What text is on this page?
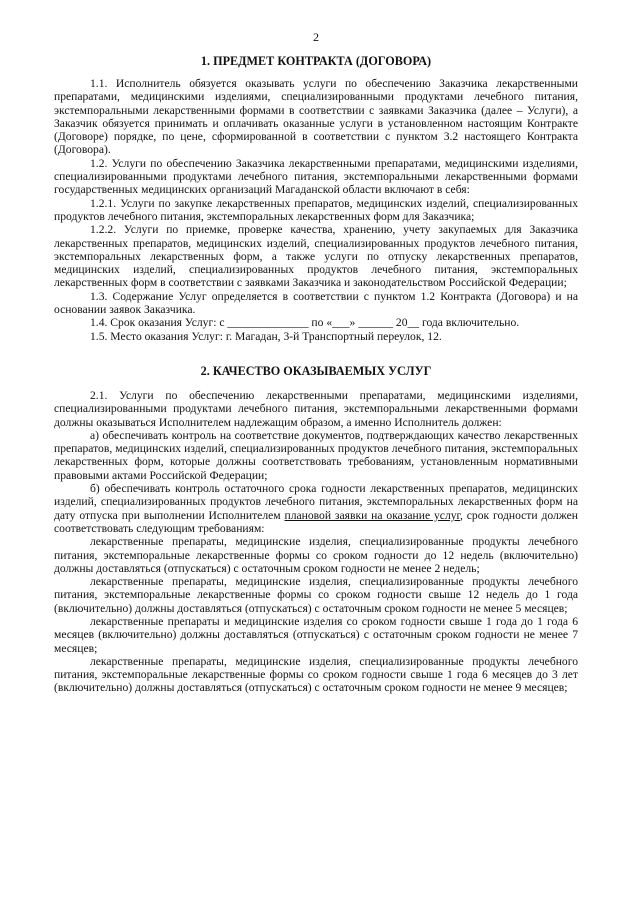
2
1. ПРЕДМЕТ КОНТРАКТА (ДОГОВОРА)

1.1. Исполнитель обязуется оказывать услуги по обеспечению Заказчика лекарственными препаратами, медицинскими изделиями, специализированными продуктами лечебного питания, экстемпоральными лекарственными формами в соответствии с заявками Заказчика (далее – Услуги), а Заказчик обязуется принимать и оплачивать оказанные услуги в установленном настоящим Контракте (Договоре) порядке, по цене, сформированной в соответствии с пунктом 3.2 настоящего Контракта (Договора).

1.2. Услуги по обеспечению Заказчика лекарственными препаратами, медицинскими изделиями, специализированными продуктами лечебного питания, экстемпоральными лекарственными формами государственных медицинских организаций Магаданской области включают в себя:

1.2.1. Услуги по закупке лекарственных препаратов, медицинских изделий, специализированных продуктов лечебного питания, экстемпоральных лекарственных форм для Заказчика;

1.2.2. Услуги по приемке, проверке качества, хранению, учету закупаемых для Заказчика лекарственных препаратов, медицинских изделий, специализированных продуктов лечебного питания, экстемпоральных лекарственных форм, а также услуги по отпуску лекарственных препаратов, медицинских изделий, специализированных продуктов лечебного питания, экстемпоральных лекарственных форм в соответствии с заявками Заказчика и законодательством Российской Федерации;

1.3. Содержание Услуг определяется в соответствии с пунктом 1.2 Контракта (Договора) и на основании заявок Заказчика.

1.4. Срок оказания Услуг: с ______________ по «___» ______ 20__ года включительно.

1.5. Место оказания Услуг: г. Магадан, 3-й Транспортный переулок, 12.

2. КАЧЕСТВО ОКАЗЫВАЕМЫХ УСЛУГ

2.1. Услуги по обеспечению лекарственными препаратами, медицинскими изделиями, специализированными продуктами лечебного питания, экстемпоральными лекарственными формами должны оказываться Исполнителем надлежащим образом, а именно Исполнитель должен:

а) обеспечивать контроль на соответствие документов, подтверждающих качество лекарственных препаратов, медицинских изделий, специализированных продуктов лечебного питания, экстемпоральных лекарственных форм, которые должны соответствовать требованиям, установленным нормативными правовыми актами Российской Федерации;

б) обеспечивать контроль остаточного срока годности лекарственных препаратов, медицинских изделий, специализированных продуктов лечебного питания, экстемпоральных лекарственных форм на дату отпуска при выполнении Исполнителем плановой заявки на оказание услуг, срок годности должен соответствовать следующим требованиям:

лекарственные препараты, медицинские изделия, специализированные продукты лечебного питания, экстемпоральные лекарственные формы со сроком годности до 12 недель (включительно) должны доставляться (отпускаться) с остаточным сроком годности не менее 2 недель;

лекарственные препараты, медицинские изделия, специализированные продукты лечебного питания, экстемпоральные лекарственные формы со сроком годности свыше 12 недель до 1 года (включительно) должны доставляться (отпускаться) с остаточным сроком годности не менее 5 месяцев;

лекарственные препараты и медицинские изделия со сроком годности свыше 1 года до 1 года 6 месяцев (включительно) должны доставляться (отпускаться) с остаточным сроком годности не менее 7 месяцев;

лекарственные препараты, медицинские изделия, специализированные продукты лечебного питания, экстемпоральные лекарственные формы со сроком годности свыше 1 года 6 месяцев до 3 лет (включительно) должны доставляться (отпускаться) с остаточным сроком годности не менее 9 месяцев;
